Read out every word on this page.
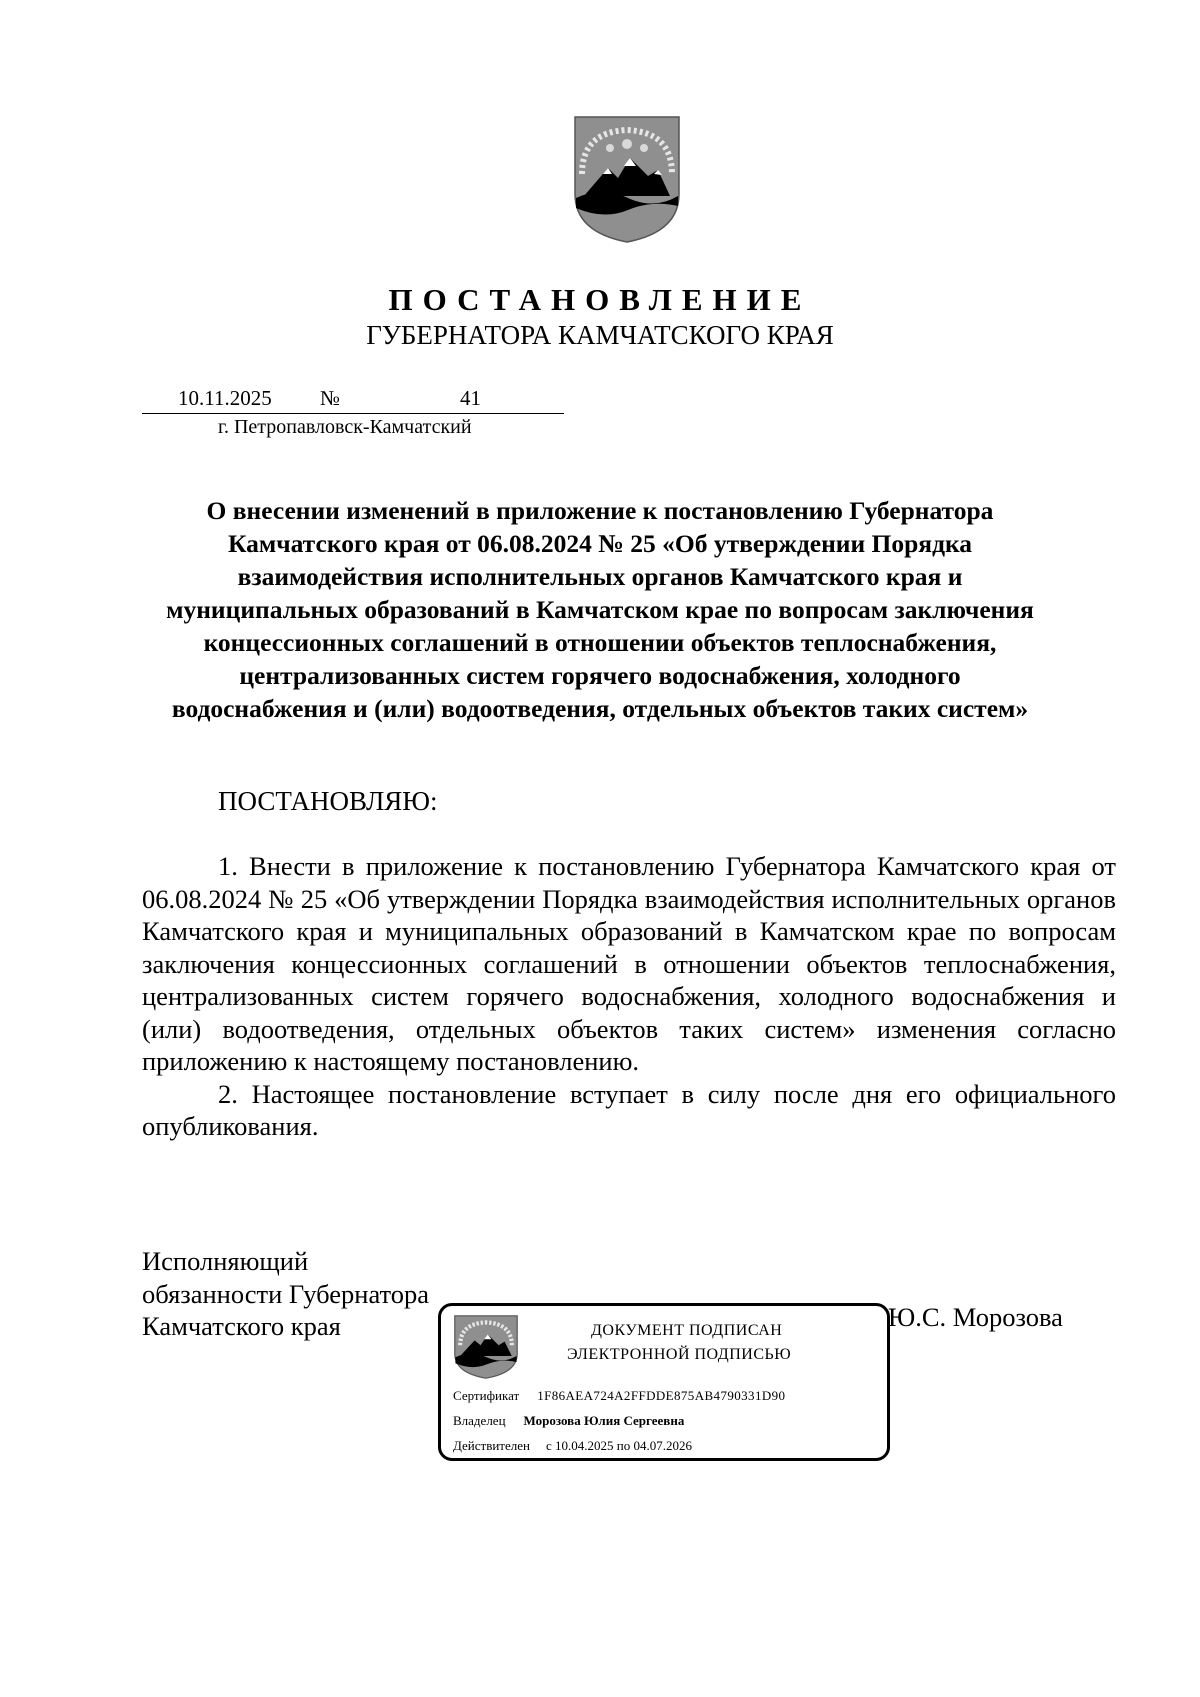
ПОСТАНОВЛЕНИЕ
ГУБЕРНАТОРА КАМЧАТСКОГО КРАЯ
10.11.2025 №	41
г. Петропавловск-Камчатский
О внесении изменений в приложение к постановлению Губернатора
Камчатского края от 06.08.2024 № 25 «Об утверждении Порядка
взаимодействия исполнительных органов Камчатского края и
муниципальных образований в Камчатском крае по вопросам заключения
концессионных соглашений в отношении объектов теплоснабжения,
централизованных систем горячего водоснабжения, холодного
водоснабжения и (или) водоотведения, отдельных объектов таких систем»
ПОСТАНОВЛЯЮ:

1. Внести в приложение к постановлению Губернатора Камчатского края от 06.08.2024 № 25 «Об утверждении Порядка взаимодействия исполнительных органов Камчатского края и муниципальных образований в Камчатском крае по вопросам заключения концессионных соглашений в отношении объектов теплоснабжения, централизованных систем горячего водоснабжения, холодного водоснабжения и (или) водоотведения, отдельных объектов таких систем» изменения согласно приложению к настоящему постановлению.

2. Настоящее постановление вступает в силу после дня его официального опубликования.

Исполняющий
обязанности Губернатора
Камчатского края	Ю.С. Морозова
ДОКУМЕНТ ПОДПИСАН
ЭЛЕКТРОННОЙ ПОДПИСЬЮ
Сертификат 1F86AEA724A2FFDDE875AB4790331D90
Владелец Морозова Юлия Сергеевна
Действителен с 10.04.2025 по 04.07.2026
